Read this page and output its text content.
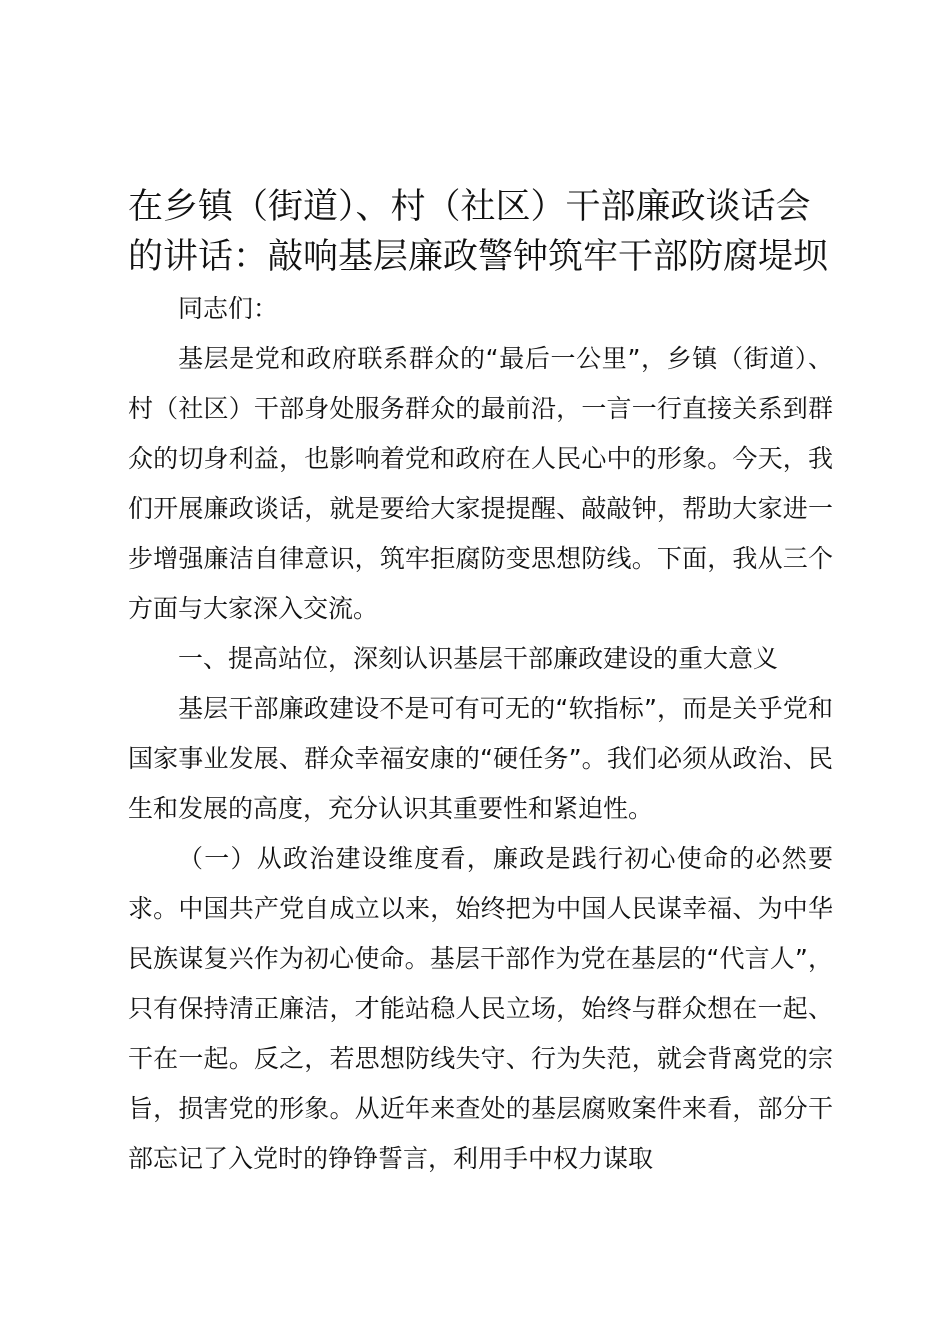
在乡镇（街道）、村（社区）干部廉政谈话会的讲话：敲响基层廉政警钟筑牢干部防腐堤坝

同志们：

基层是党和政府联系群众的“最后一公里”，乡镇（街道）、村（社区）干部身处服务群众的最前沿，一言一行直接关系到群众的切身利益，也影响着党和政府在人民心中的形象。今天，我们开展廉政谈话，就是要给大家提提醒、敲敲钟，帮助大家进一步增强廉洁自律意识，筑牢拒腐防变思想防线。下面，我从三个方面与大家深入交流。

一、提高站位，深刻认识基层干部廉政建设的重大意义

基层干部廉政建设不是可有可无的“软指标”，而是关乎党和国家事业发展、群众幸福安康的“硬任务”。我们必须从政治、民生和发展的高度，充分认识其重要性和紧迫性。

（一）从政治建设维度看，廉政是践行初心使命的必然要求。中国共产党自成立以来，始终把为中国人民谋幸福、为中华民族谋复兴作为初心使命。基层干部作为党在基层的“代言人”，只有保持清正廉洁，才能站稳人民立场，始终与群众想在一起、干在一起。反之，若思想防线失守、行为失范，就会背离党的宗旨，损害党的形象。从近年来查处的基层腐败案件来看，部分干部忘记了入党时的铮铮誓言，利用手中权力谋取
